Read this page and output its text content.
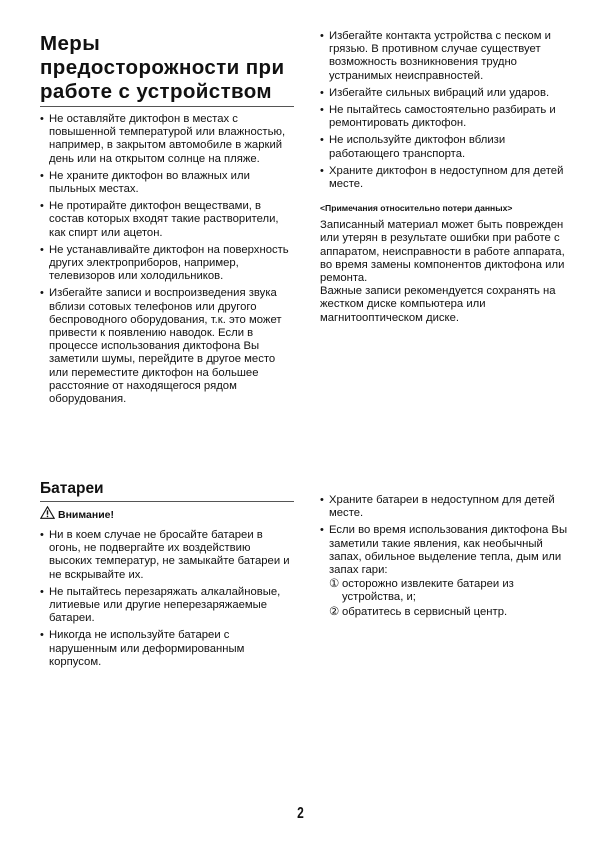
Меры
предосторожности при
работе с устройством
• Не оставляйте диктофон в местах с повышенной температурой или влажностью, например, в закрытом автомобиле в жаркий день или на открытом солнце на пляже.
• Не храните диктофон во влажных или пыльных местах.
• Не протирайте диктофон веществами, в состав которых входят такие растворители, как спирт или ацетон.
• Не устанавливайте диктофон на поверхность других электроприборов, например, телевизоров или холодильников.
• Избегайте записи и воспроизведения звука вблизи сотовых телефонов или другого беспроводного оборудования, т.к. это может привести к появлению наводок. Если в процессе использования диктофона Вы заметили шумы, перейдите в другое место или переместите диктофон на большее расстояние от находящегося рядом оборудования.
• Избегайте контакта устройства с песком и грязью. В противном случае существует возможность возникновения трудно устранимых неисправностей.
• Избегайте сильных вибраций или ударов.
• Не пытайтесь самостоятельно разбирать и ремонтировать диктофон.
• Не используйте диктофон вблизи работающего транспорта.
• Храните диктофон в недоступном для детей месте.

<Примечания относительно потери данных>

Записанный материал может быть поврежден или утерян в результате ошибки при работе с аппаратом, неисправности в работе аппарата, во время замены компонентов диктофона или ремонта.

Важные записи рекомендуется сохранять на жестком диске компьютера или магнитооптическом диске.

Батареи
Внимание!
• Ни в коем случае не бросайте батареи в огонь, не подвергайте их воздействию высоких температур, не замыкайте батареи и не вскрывайте их.
• Не пытайтесь перезаряжать алкалайновые, литиевые или другие неперезаряжаемые батареи.
• Никогда не используйте батареи с нарушенным или деформированным корпусом.
• Храните батареи в недоступном для детей месте.
• Если во время использования диктофона Вы заметили такие явления, как необычный запах, обильное выделение тепла, дым или запах гари:
① осторожно извлеките батареи из устройства, и;
② обратитесь в сервисный центр.
2
